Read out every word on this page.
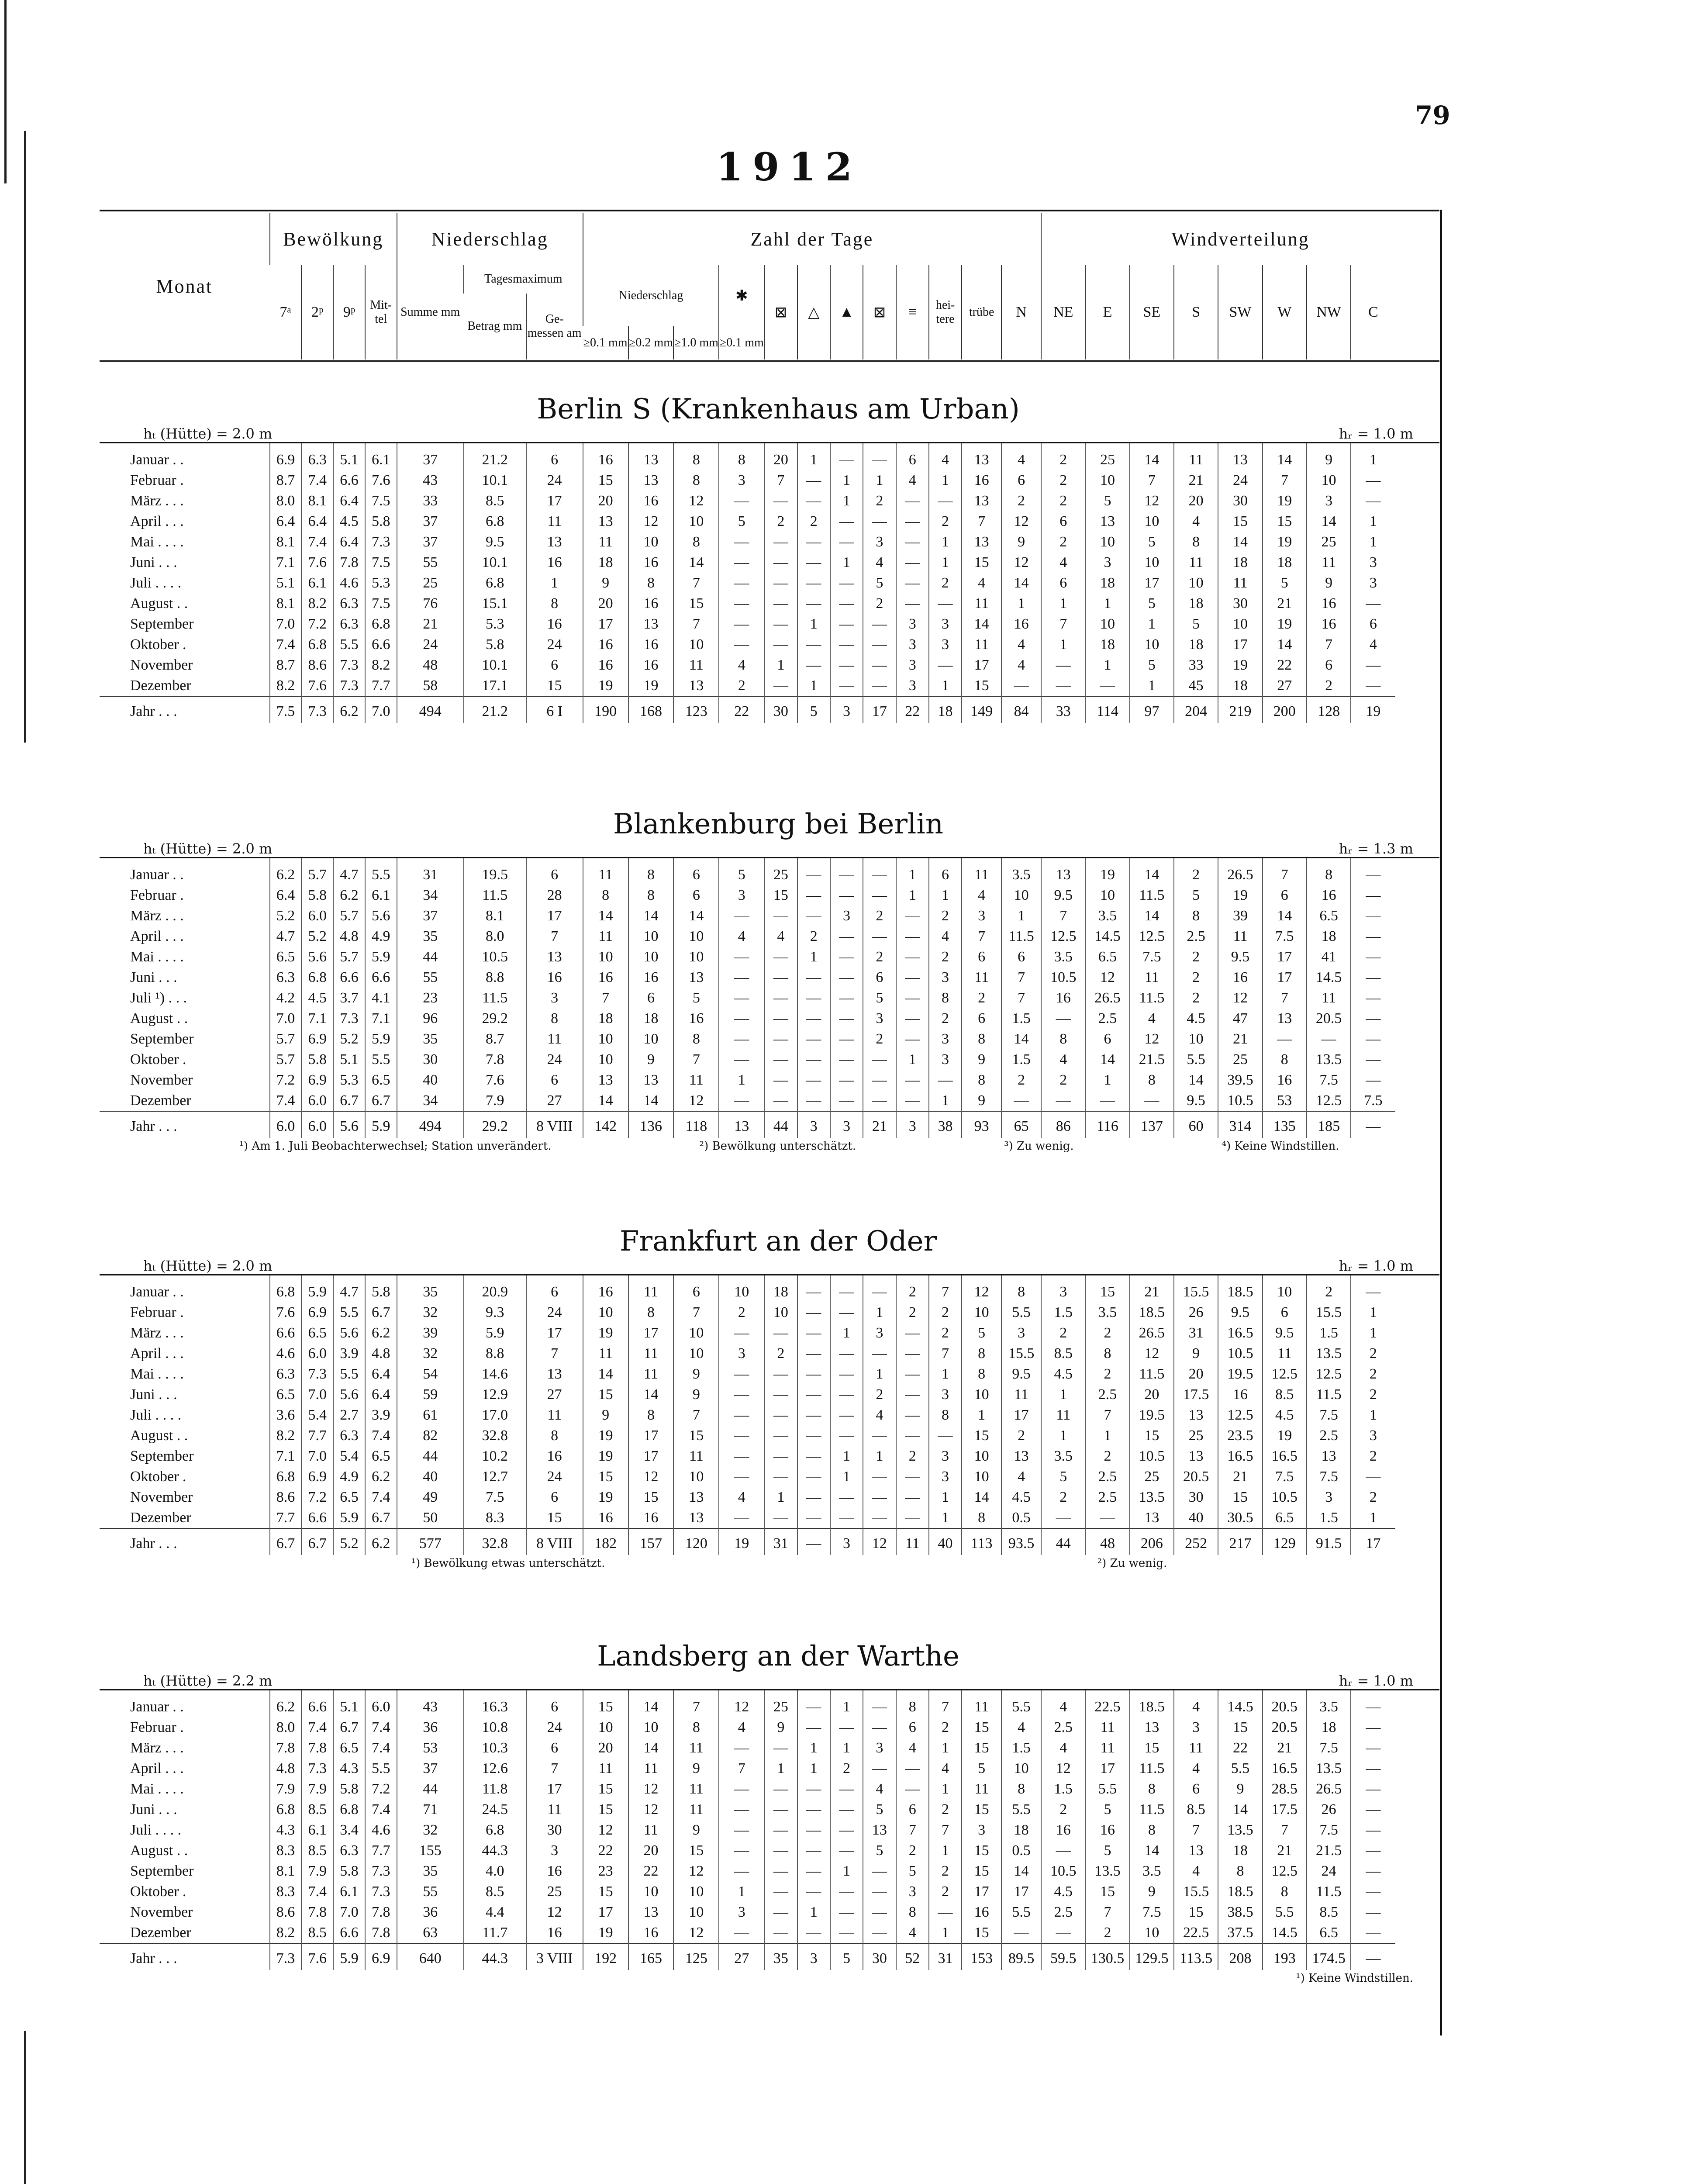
79
1912
Monat	Bewölkung				Niederschlag			Zahl der Tage												Windverteilung							
	7ᵃ	2ᵖ	9ᵖ	Mit- tel	Summe mm	Tagesmaximum		Niederschlag			✱	⊠	△	▲	⊠	≡	hei- tere	trübe	N	NE	E	SE	S	SW	W	NW	C
						Betrag mm	Ge- messen am																				
								≥0.1 mm	≥0.2 mm	≥1.0 mm	≥0.1 mm																
Berlin S (Krankenhaus am Urban)
hₜ (Hütte) = 2.0 m	hᵣ = 1.0 m
Januar . .	6.9	6.3	5.1	6.1	37	21.2	6	16	13	8	8	20	1	—	—	6	4	13	4	2	25	14	11	13	14	9	1
Februar .	8.7	7.4	6.6	7.6	43	10.1	24	15	13	8	3	7	—	1	1	4	1	16	6	2	10	7	21	24	7	10	—
März . . .	8.0	8.1	6.4	7.5	33	8.5	17	20	16	12	—	—	—	1	2	—	—	13	2	2	5	12	20	30	19	3	—
April . . .	6.4	6.4	4.5	5.8	37	6.8	11	13	12	10	5	2	2	—	—	—	2	7	12	6	13	10	4	15	15	14	1
Mai . . . .	8.1	7.4	6.4	7.3	37	9.5	13	11	10	8	—	—	—	—	3	—	1	13	9	2	10	5	8	14	19	25	1
Juni . . .	7.1	7.6	7.8	7.5	55	10.1	16	18	16	14	—	—	—	1	4	—	1	15	12	4	3	10	11	18	18	11	3
Juli . . . .	5.1	6.1	4.6	5.3	25	6.8	1	9	8	7	—	—	—	—	5	—	2	4	14	6	18	17	10	11	5	9	3
August . .	8.1	8.2	6.3	7.5	76	15.1	8	20	16	15	—	—	—	—	2	—	—	11	1	1	1	5	18	30	21	16	—
September	7.0	7.2	6.3	6.8	21	5.3	16	17	13	7	—	—	1	—	—	3	3	14	16	7	10	1	5	10	19	16	6
Oktober .	7.4	6.8	5.5	6.6	24	5.8	24	16	16	10	—	—	—	—	—	3	3	11	4	1	18	10	18	17	14	7	4
November	8.7	8.6	7.3	8.2	48	10.1	6	16	16	11	4	1	—	—	—	3	—	17	4	—	1	5	33	19	22	6	—
Dezember	8.2	7.6	7.3	7.7	58	17.1	15	19	19	13	2	—	1	—	—	3	1	15	—	—	—	1	45	18	27	2	—
Jahr . . .	7.5	7.3	6.2	7.0	494	21.2	6 I	190	168	123	22	30	5	3	17	22	18	149	84	33	114	97	204	219	200	128	19
Blankenburg bei Berlin
hₜ (Hütte) = 2.0 m	hᵣ = 1.3 m
Januar . .	6.2	5.7	4.7	5.5	31	19.5	6	11	8	6	5	25	—	—	—	1	6	11	3.5	13	19	14	2	26.5	7	8	—
Februar .	6.4	5.8	6.2	6.1	34	11.5	28	8	8	6	3	15	—	—	—	1	1	4	10	9.5	10	11.5	5	19	6	16	—
März . . .	5.2	6.0	5.7	5.6	37	8.1	17	14	14	14	—	—	—	3	2	—	2	3	1	7	3.5	14	8	39	14	6.5	—
April . . .	4.7	5.2	4.8	4.9	35	8.0	7	11	10	10	4	4	2	—	—	—	4	7	11.5	12.5	14.5	12.5	2.5	11	7.5	18	—
Mai . . . .	6.5	5.6	5.7	5.9	44	10.5	13	10	10	10	—	—	1	—	2	—	2	6	6	3.5	6.5	7.5	2	9.5	17	41	—
Juni . . .	6.3	6.8	6.6	6.6	55	8.8	16	16	16	13	—	—	—	—	6	—	3	11	7	10.5	12	11	2	16	17	14.5	—
Juli ¹) . . .	4.2	4.5	3.7	4.1	23	11.5	3	7	6	5	—	—	—	—	5	—	8	2	7	16	26.5	11.5	2	12	7	11	—
August . .	7.0	7.1	7.3	7.1	96	29.2	8	18	18	16	—	—	—	—	3	—	2	6	1.5	—	2.5	4	4.5	47	13	20.5	—
September	5.7	6.9	5.2	5.9	35	8.7	11	10	10	8	—	—	—	—	2	—	3	8	14	8	6	12	10	21	—	—	—
Oktober .	5.7	5.8	5.1	5.5	30	7.8	24	10	9	7	—	—	—	—	—	1	3	9	1.5	4	14	21.5	5.5	25	8	13.5	—
November	7.2	6.9	5.3	6.5	40	7.6	6	13	13	11	1	—	—	—	—	—	—	8	2	2	1	8	14	39.5	16	7.5	—
Dezember	7.4	6.0	6.7	6.7	34	7.9	27	14	14	12	—	—	—	—	—	—	1	9	—	—	—	—	9.5	10.5	53	12.5	7.5
Jahr . . .	6.0	6.0	5.6	5.9	494	29.2	8 VIII	142	136	118	13	44	3	3	21	3	38	93	65	86	116	137	60	314	135	185	—
¹) Am 1. Juli Beobachterwechsel; Station unverändert.	²) Bewölkung unterschätzt.	³) Zu wenig.	⁴) Keine Windstillen.
Frankfurt an der Oder
hₜ (Hütte) = 2.0 m	hᵣ = 1.0 m
Januar . .	6.8	5.9	4.7	5.8	35	20.9	6	16	11	6	10	18	—	—	—	2	7	12	8	3	15	21	15.5	18.5	10	2	—
Februar .	7.6	6.9	5.5	6.7	32	9.3	24	10	8	7	2	10	—	—	1	2	2	10	5.5	1.5	3.5	18.5	26	9.5	6	15.5	1
März . . .	6.6	6.5	5.6	6.2	39	5.9	17	19	17	10	—	—	—	1	3	—	2	5	3	2	2	26.5	31	16.5	9.5	1.5	1
April . . .	4.6	6.0	3.9	4.8	32	8.8	7	11	11	10	3	2	—	—	—	—	7	8	15.5	8.5	8	12	9	10.5	11	13.5	2
Mai . . . .	6.3	7.3	5.5	6.4	54	14.6	13	14	11	9	—	—	—	—	1	—	1	8	9.5	4.5	2	11.5	20	19.5	12.5	12.5	2
Juni . . .	6.5	7.0	5.6	6.4	59	12.9	27	15	14	9	—	—	—	—	2	—	3	10	11	1	2.5	20	17.5	16	8.5	11.5	2
Juli . . . .	3.6	5.4	2.7	3.9	61	17.0	11	9	8	7	—	—	—	—	4	—	8	1	17	11	7	19.5	13	12.5	4.5	7.5	1
August . .	8.2	7.7	6.3	7.4	82	32.8	8	19	17	15	—	—	—	—	—	—	—	15	2	1	1	15	25	23.5	19	2.5	3
September	7.1	7.0	5.4	6.5	44	10.2	16	19	17	11	—	—	—	1	1	2	3	10	13	3.5	2	10.5	13	16.5	16.5	13	2
Oktober .	6.8	6.9	4.9	6.2	40	12.7	24	15	12	10	—	—	—	1	—	—	3	10	4	5	2.5	25	20.5	21	7.5	7.5	—
November	8.6	7.2	6.5	7.4	49	7.5	6	19	15	13	4	1	—	—	—	—	1	14	4.5	2	2.5	13.5	30	15	10.5	3	2
Dezember	7.7	6.6	5.9	6.7	50	8.3	15	16	16	13	—	—	—	—	—	—	1	8	0.5	—	—	13	40	30.5	6.5	1.5	1
Jahr . . .	6.7	6.7	5.2	6.2	577	32.8	8 VIII	182	157	120	19	31	—	3	12	11	40	113	93.5	44	48	206	252	217	129	91.5	17
¹) Bewölkung etwas unterschätzt.	²) Zu wenig.
Landsberg an der Warthe
hₜ (Hütte) = 2.2 m	hᵣ = 1.0 m
Januar . .	6.2	6.6	5.1	6.0	43	16.3	6	15	14	7	12	25	—	1	—	8	7	11	5.5	4	22.5	18.5	4	14.5	20.5	3.5	—
Februar .	8.0	7.4	6.7	7.4	36	10.8	24	10	10	8	4	9	—	—	—	6	2	15	4	2.5	11	13	3	15	20.5	18	—
März . . .	7.8	7.8	6.5	7.4	53	10.3	6	20	14	11	—	—	1	1	3	4	1	15	1.5	4	11	15	11	22	21	7.5	—
April . . .	4.8	7.3	4.3	5.5	37	12.6	7	11	11	9	7	1	1	2	—	—	4	5	10	12	17	11.5	4	5.5	16.5	13.5	—
Mai . . . .	7.9	7.9	5.8	7.2	44	11.8	17	15	12	11	—	—	—	—	4	—	1	11	8	1.5	5.5	8	6	9	28.5	26.5	—
Juni . . .	6.8	8.5	6.8	7.4	71	24.5	11	15	12	11	—	—	—	—	5	6	2	15	5.5	2	5	11.5	8.5	14	17.5	26	—
Juli . . . .	4.3	6.1	3.4	4.6	32	6.8	30	12	11	9	—	—	—	—	13	7	7	3	18	16	16	8	7	13.5	7	7.5	—
August . .	8.3	8.5	6.3	7.7	155	44.3	3	22	20	15	—	—	—	—	5	2	1	15	0.5	—	5	14	13	18	21	21.5	—
September	8.1	7.9	5.8	7.3	35	4.0	16	23	22	12	—	—	—	1	—	5	2	15	14	10.5	13.5	3.5	4	8	12.5	24	—
Oktober .	8.3	7.4	6.1	7.3	55	8.5	25	15	10	10	1	—	—	—	—	3	2	17	17	4.5	15	9	15.5	18.5	8	11.5	—
November	8.6	7.8	7.0	7.8	36	4.4	12	17	13	10	3	—	1	—	—	8	—	16	5.5	2.5	7	7.5	15	38.5	5.5	8.5	—
Dezember	8.2	8.5	6.6	7.8	63	11.7	16	19	16	12	—	—	—	—	—	4	1	15	—	—	2	10	22.5	37.5	14.5	6.5	—
Jahr . . .	7.3	7.6	5.9	6.9	640	44.3	3 VIII	192	165	125	27	35	3	5	30	52	31	153	89.5	59.5	130.5	129.5	113.5	208	193	174.5	—
¹) Keine Windstillen.
